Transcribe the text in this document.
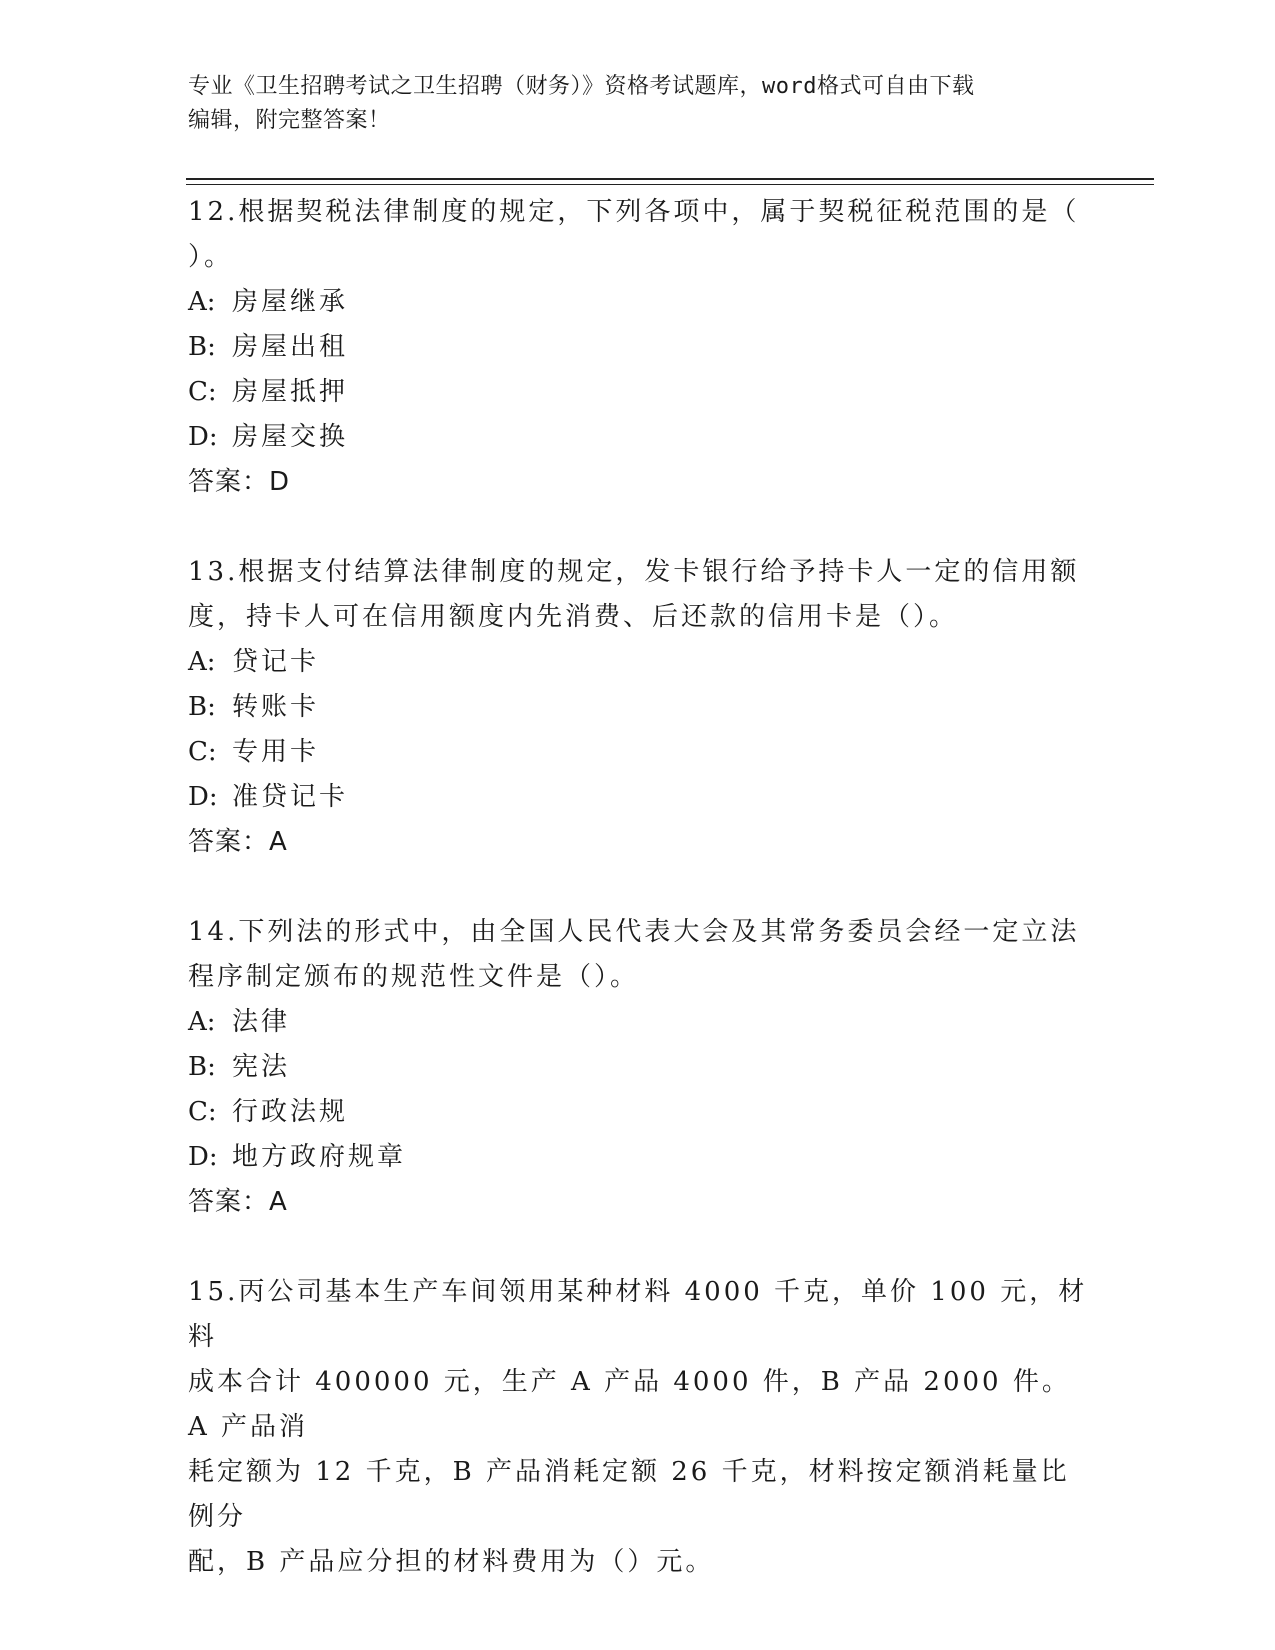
专业《卫生招聘考试之卫生招聘（财务）》资格考试题库，word格式可自由下载
编辑，附完整答案！
12.根据契税法律制度的规定，下列各项中，属于契税征税范围的是（
）。
A: 房屋继承
B: 房屋出租
C: 房屋抵押
D: 房屋交换
答案：D
13.根据支付结算法律制度的规定，发卡银行给予持卡人一定的信用额
度，持卡人可在信用额度内先消费、后还款的信用卡是（）。
A: 贷记卡
B: 转账卡
C: 专用卡
D: 准贷记卡
答案：A
14.下列法的形式中，由全国人民代表大会及其常务委员会经一定立法
程序制定颁布的规范性文件是（）。
A: 法律
B: 宪法
C: 行政法规
D: 地方政府规章
答案：A
15.丙公司基本生产车间领用某种材料 4000 千克，单价 100 元，材料
成本合计 400000 元，生产 A 产品 4000 件，B 产品 2000 件。A 产品消
耗定额为 12 千克，B 产品消耗定额 26 千克，材料按定额消耗量比例分
配，B 产品应分担的材料费用为（）元。
